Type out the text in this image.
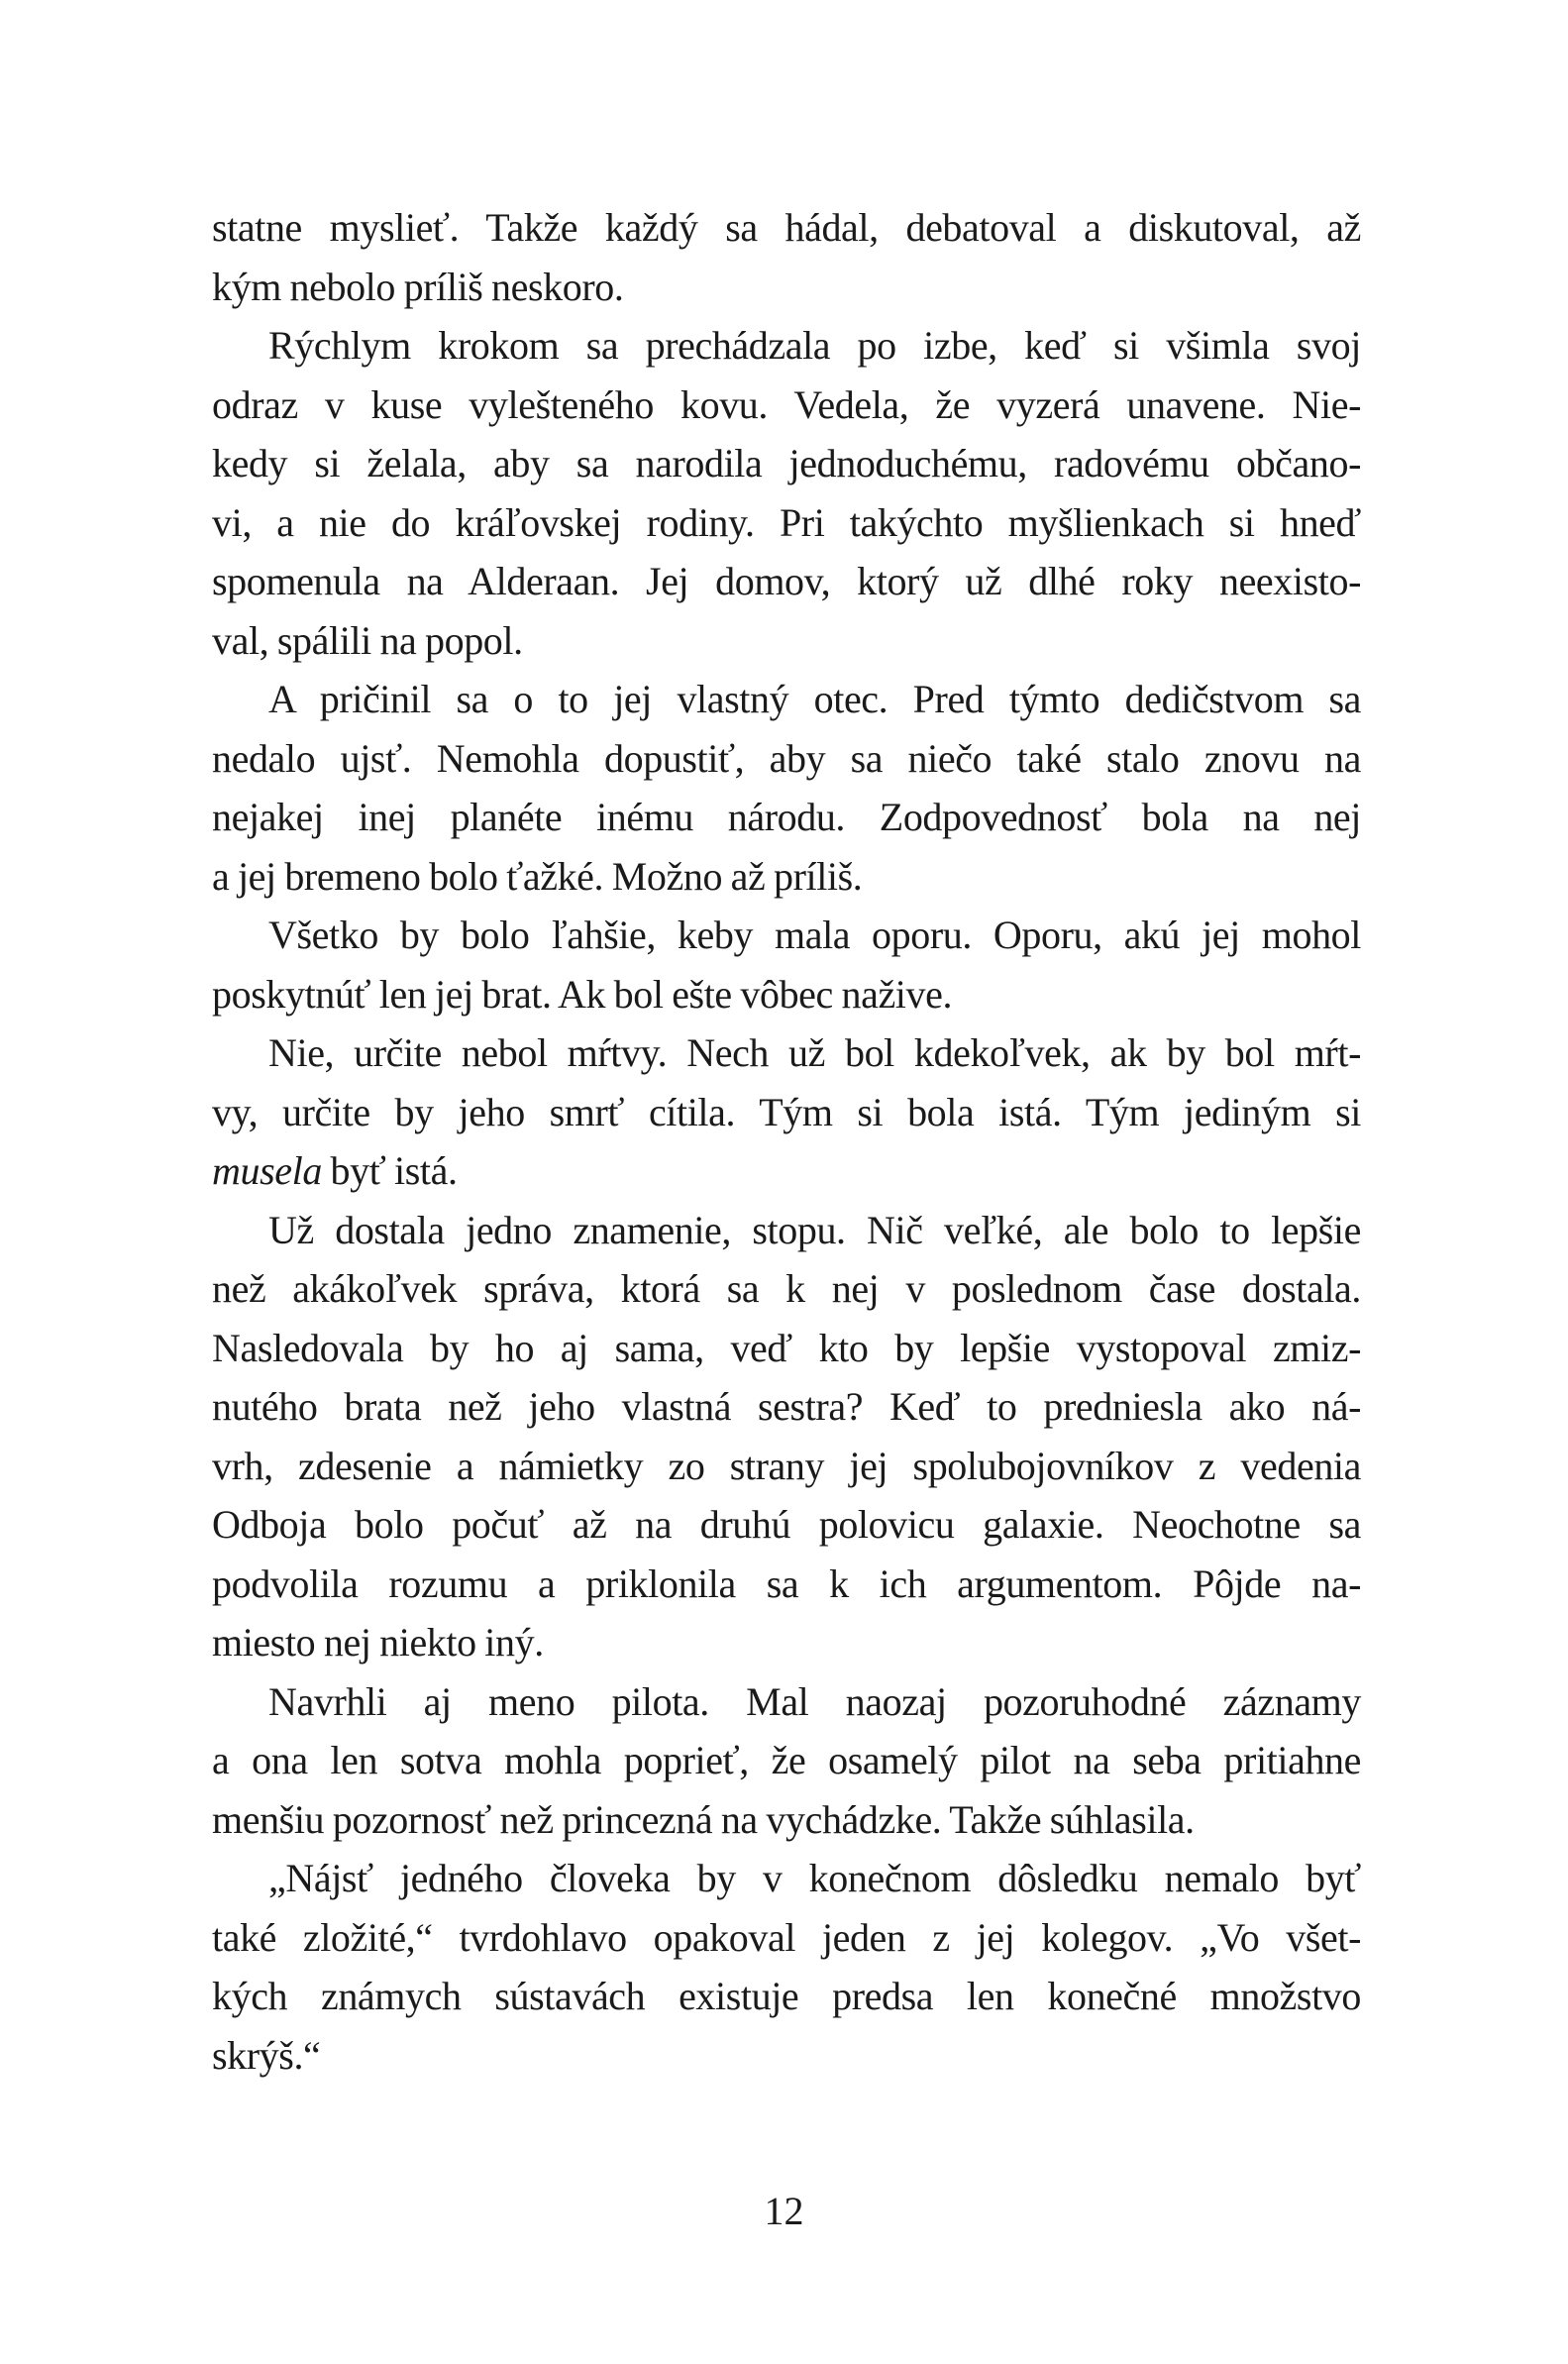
statne myslieť. Takže každý sa hádal, debatoval a diskutoval, až
kým nebolo príliš neskoro.
Rýchlym krokom sa prechádzala po izbe, keď si všimla svoj
odraz v kuse vylešteného kovu. Vedela, že vyzerá unavene. Nie-
kedy si želala, aby sa narodila jednoduchému, radovému občano-
vi, a nie do kráľovskej rodiny. Pri takýchto myšlienkach si hneď
spomenula na Alderaan. Jej domov, ktorý už dlhé roky neexisto-
val, spálili na popol.
A pričinil sa o to jej vlastný otec. Pred týmto dedičstvom sa
nedalo ujsť. Nemohla dopustiť, aby sa niečo také stalo znovu na
nejakej inej planéte inému národu. Zodpovednosť bola na nej
a jej bremeno bolo ťažké. Možno až príliš.
Všetko by bolo ľahšie, keby mala oporu. Oporu, akú jej mohol
poskytnúť len jej brat. Ak bol ešte vôbec nažive.
Nie, určite nebol mŕtvy. Nech už bol kdekoľvek, ak by bol mŕt-
vy, určite by jeho smrť cítila. Tým si bola istá. Tým jediným si
musela byť istá.
Už dostala jedno znamenie, stopu. Nič veľké, ale bolo to lepšie
než akákoľvek správa, ktorá sa k nej v poslednom čase dostala.
Nasledovala by ho aj sama, veď kto by lepšie vystopoval zmiz-
nutého brata než jeho vlastná sestra? Keď to predniesla ako ná-
vrh, zdesenie a námietky zo strany jej spolubojovníkov z vedenia
Odboja bolo počuť až na druhú polovicu galaxie. Neochotne sa
podvolila rozumu a priklonila sa k ich argumentom. Pôjde na-
miesto nej niekto iný.
Navrhli aj meno pilota. Mal naozaj pozoruhodné záznamy
a ona len sotva mohla poprieť, že osamelý pilot na seba pritiahne
menšiu pozornosť než princezná na vychádzke. Takže súhlasila.
„Nájsť jedného človeka by v konečnom dôsledku nemalo byť
také zložité,“ tvrdohlavo opakoval jeden z jej kolegov. „Vo všet-
kých známych sústavách existuje predsa len konečné množstvo
skrýš.“
12
